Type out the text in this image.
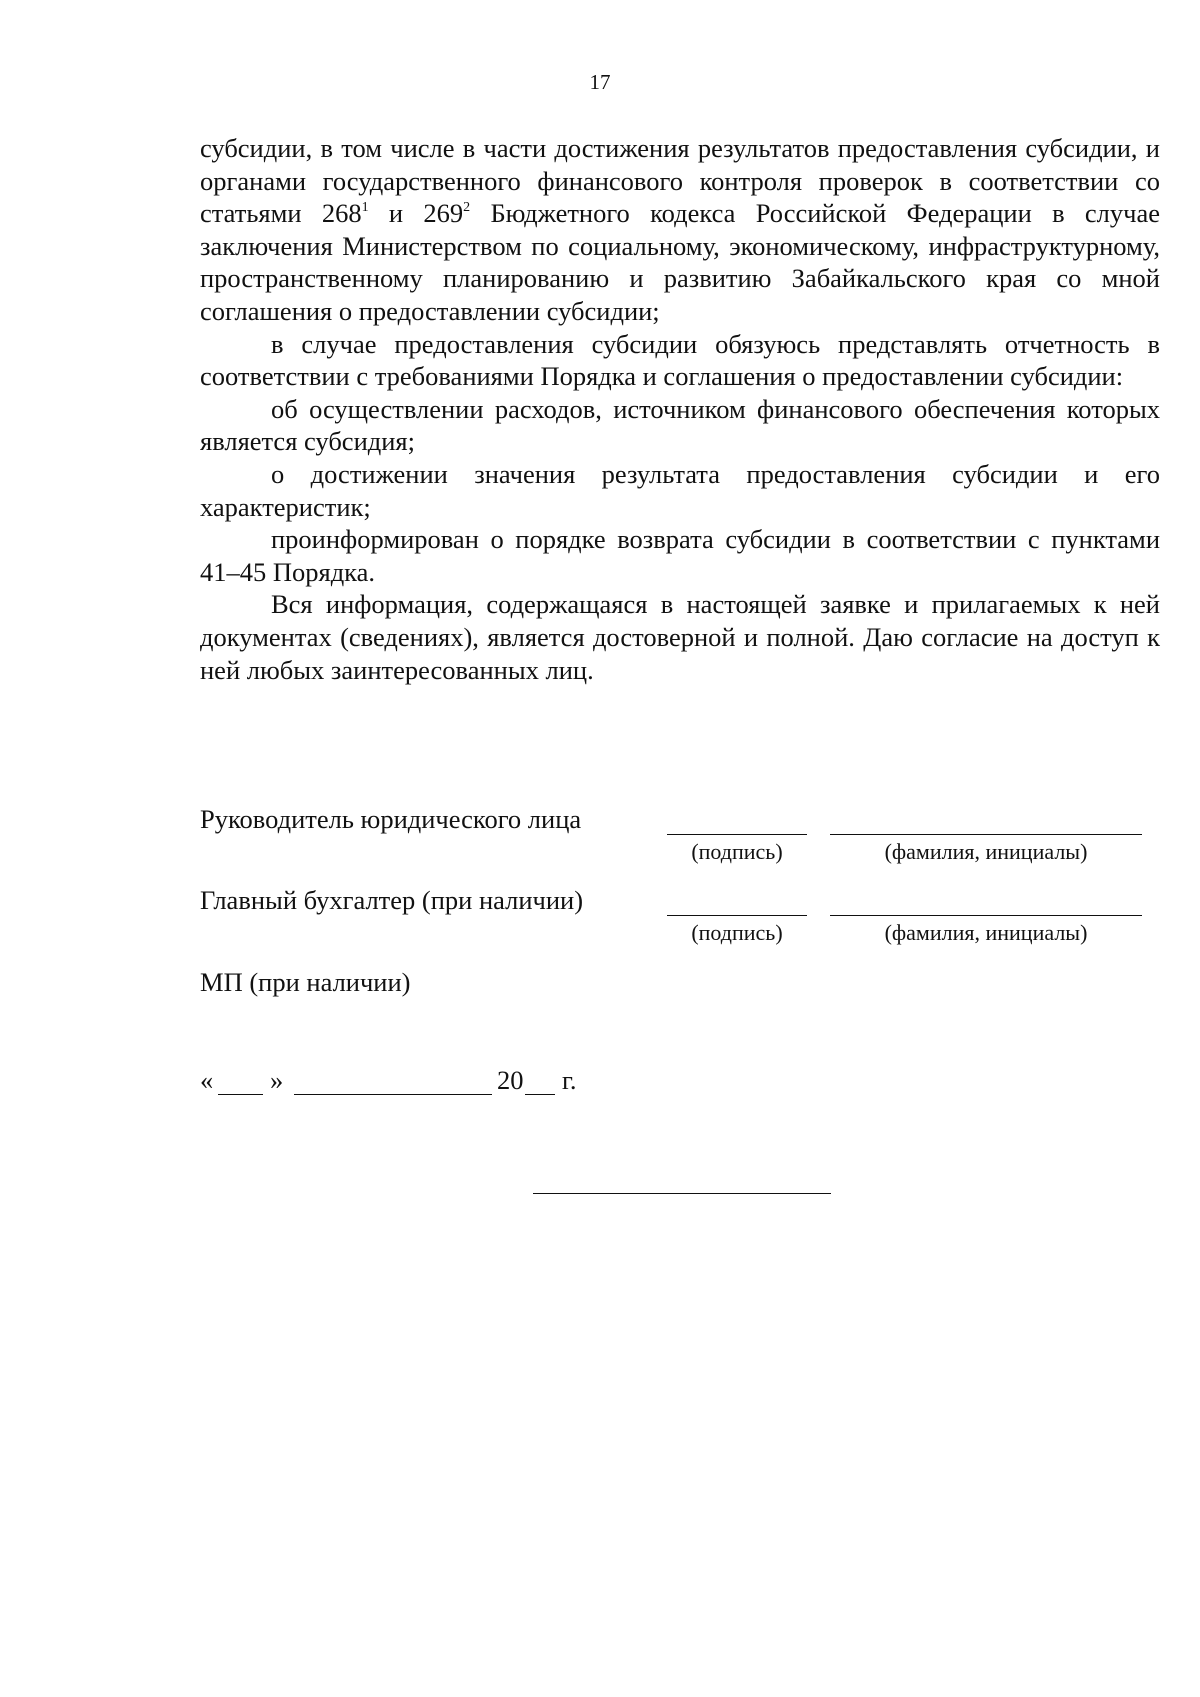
17

субсидии, в том числе в части достижения результатов предоставления субсидии, и органами государственного финансового контроля проверок в соответствии со статьями $268^1$ и $269^2$ Бюджетного кодекса Российской Федерации в случае заключения Министерством по социальному, экономическому, инфраструктурному, пространственному планированию и развитию Забайкальского края со мной соглашения о предоставлении субсидии;

в случае предоставления субсидии обязуюсь представлять отчетность в соответствии с требованиями Порядка и соглашения о предоставлении субсидии:

об осуществлении расходов, источником финансового обеспечения которых является субсидия;

о достижении значения результата предоставления субсидии и его характеристик;

проинформирован о порядке возврата субсидии в соответствии с пунктами 41–45 Порядка.

Вся информация, содержащаяся в настоящей заявке и прилагаемых к ней документах (сведениях), является достоверной и полной. Даю согласие на доступ к ней любых заинтересованных лиц.

Руководитель юридического лица
(подпись)	(фамилия, инициалы)
Главный бухгалтер (при наличии)
(подпись)	(фамилия, инициалы)
МП (при наличии)
« »	20 г.
